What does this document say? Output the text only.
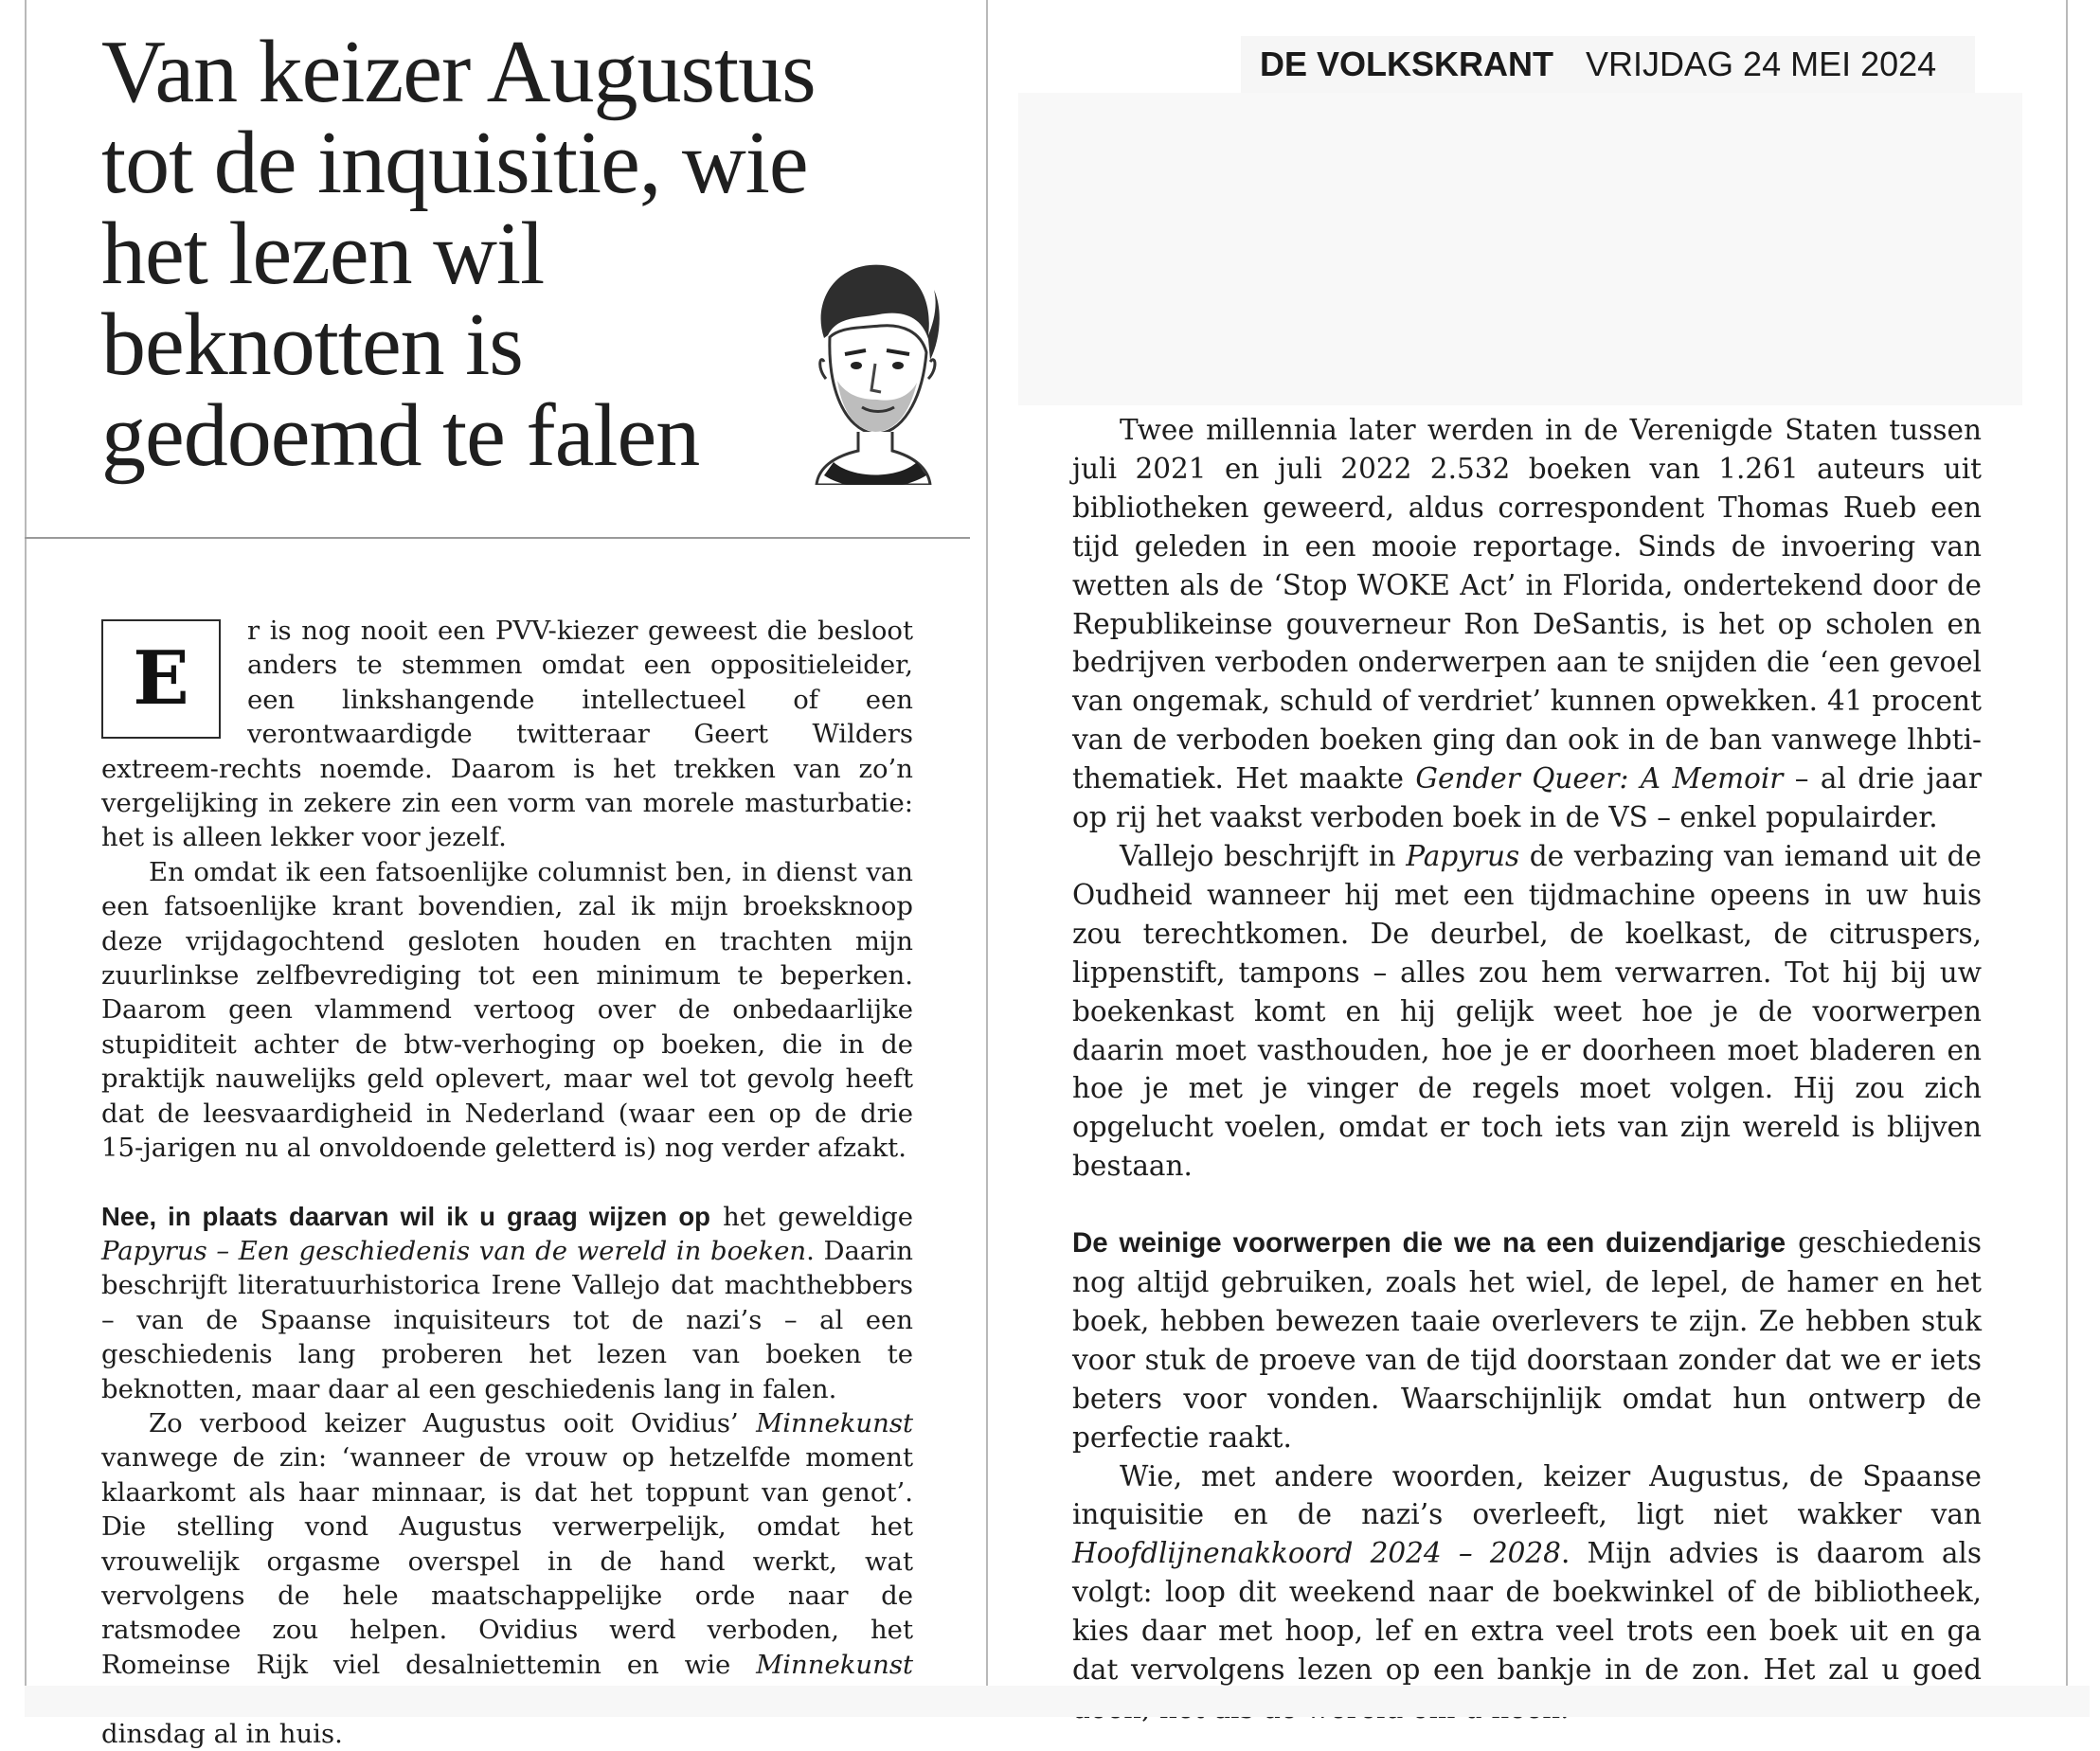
Van keizer Augustus tot de inquisitie, wie het lezen wil beknotten is gedoemd te falen
DE VOLKSKRANT VRIJDAG 24 MEI 2024
E

r is nog nooit een PVV-kiezer geweest die besloot anders te stemmen omdat een oppositieleider, een linkshangende intellectueel of een verontwaardigde twitteraar Geert Wilders extreem-rechts noemde. Daarom is het trekken van zo’n vergelijking in zekere zin een vorm van morele masturbatie: het is alleen lekker voor jezelf.

En omdat ik een fatsoenlijke columnist ben, in dienst van een fatsoenlijke krant bovendien, zal ik mijn broeksknoop deze vrijdagochtend gesloten houden en trachten mijn zuurlinkse zelfbevrediging tot een minimum te beperken. Daarom geen vlammend vertoog over de onbedaarlijke stupiditeit achter de btw-verhoging op boeken, die in de praktijk nauwelijks geld oplevert, maar wel tot gevolg heeft dat de leesvaardigheid in Nederland (waar een op de drie 15-jarigen nu al onvoldoende geletterd is) nog verder afzakt.

Nee, in plaats daarvan wil ik u graag wijzen op het geweldige Papyrus – Een geschiedenis van de wereld in boeken. Daarin beschrijft literatuurhistorica Irene Vallejo dat machthebbers – van de Spaanse inquisiteurs tot de nazi’s – al een geschiedenis lang proberen het lezen van boeken te beknotten, maar daar al een geschiedenis lang in falen.

Zo verbood keizer Augustus ooit Ovidius’ Minnekunst vanwege de zin: ‘wanneer de vrouw op hetzelfde moment klaarkomt als haar minnaar, is dat het toppunt van genot’. Die stelling vond Augustus verwerpelijk, omdat het vrouwelijk orgasme overspel in de hand werkt, wat vervolgens de hele maatschappelijke orde naar de ratsmodee zou helpen. Ovidius werd verboden, het Romeinse Rijk viel desalniettemin en wie Minnekunst dinsdag al in huis.

Twee millennia later werden in de Verenigde Staten tussen juli 2021 en juli 2022 2.532 boeken van 1.261 auteurs uit bibliotheken geweerd, aldus correspondent Thomas Rueb een tijd geleden in een mooie reportage. Sinds de invoering van wetten als de ‘Stop WOKE Act’ in Florida, ondertekend door de Republikeinse gouverneur Ron DeSantis, is het op scholen en bedrijven verboden onderwerpen aan te snijden die ‘een gevoel van ongemak, schuld of verdriet’ kunnen opwekken. 41 procent van de verboden boeken ging dan ook in de ban vanwege lhbti-thematiek. Het maakte Gender Queer: A Memoir – al drie jaar op rij het vaakst verboden boek in de VS – enkel populairder.

Vallejo beschrijft in Papyrus de verbazing van iemand uit de Oudheid wanneer hij met een tijdmachine opeens in uw huis zou terechtkomen. De deurbel, de koelkast, de citruspers, lippenstift, tampons – alles zou hem verwarren. Tot hij bij uw boekenkast komt en hij gelijk weet hoe je de voorwerpen daarin moet vasthouden, hoe je er doorheen moet bladeren en hoe je met je vinger de regels moet volgen. Hij zou zich opgelucht voelen, omdat er toch iets van zijn wereld is blijven bestaan.

De weinige voorwerpen die we na een duizendjarige geschiedenis nog altijd gebruiken, zoals het wiel, de lepel, de hamer en het boek, hebben bewezen taaie overlevers te zijn. Ze hebben stuk voor stuk de proeve van de tijd doorstaan zonder dat we er iets beters voor vonden. Waarschijnlijk omdat hun ontwerp de perfectie raakt.

Wie, met andere woorden, keizer Augustus, de Spaanse inquisitie en de nazi’s overleeft, ligt niet wakker van Hoofdlijnenakkoord 2024 – 2028. Mijn advies is daarom als volgt: loop dit weekend naar de boekwinkel of de bibliotheek, kies daar met hoop, lef en extra veel trots een boek uit en ga dat vervolgens lezen op een bankje in de zon. Het zal u goed
